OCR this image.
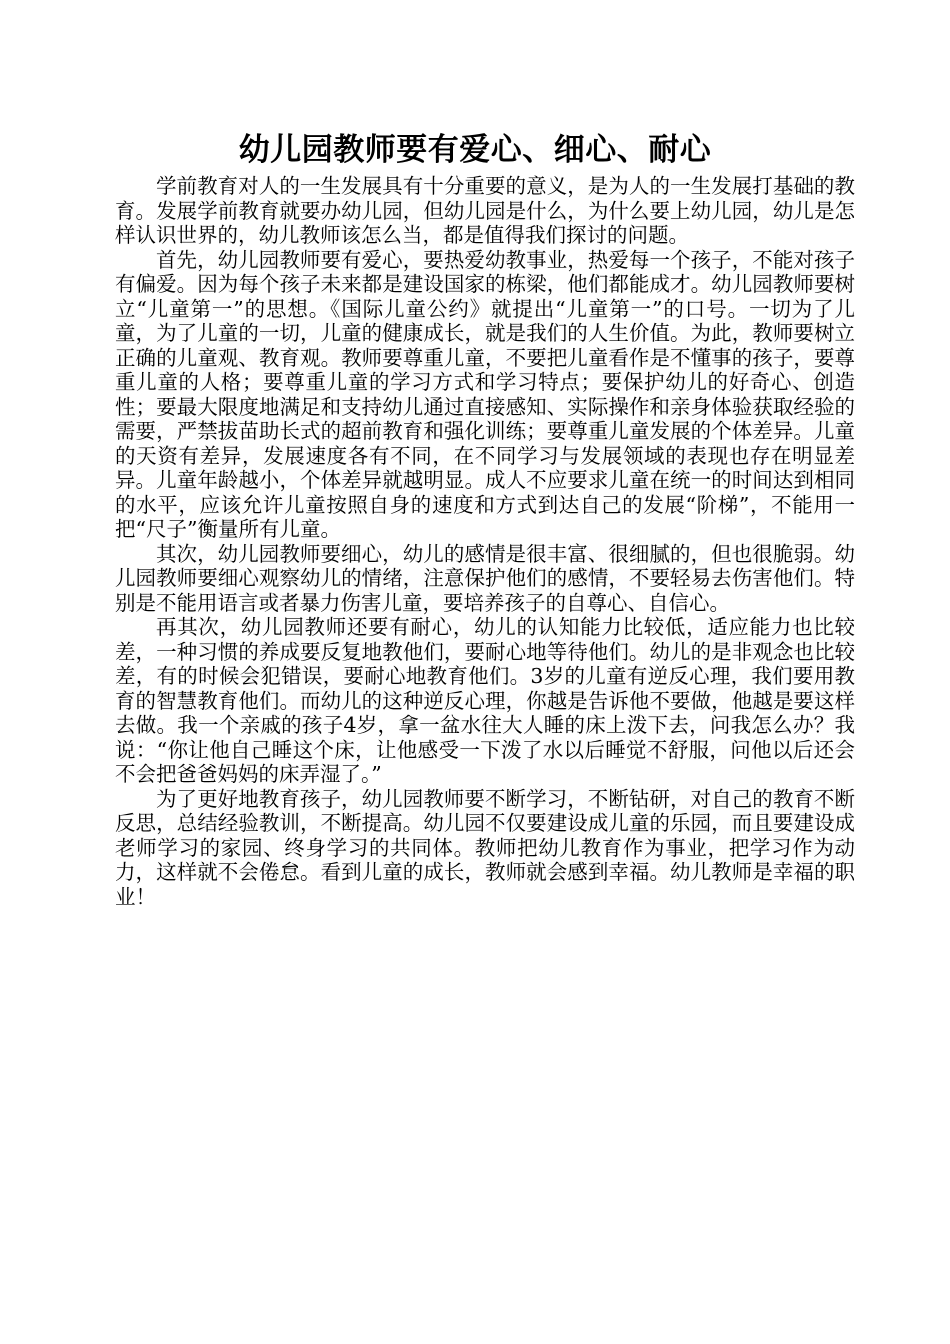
幼儿园教师要有爱心、细心、耐心

学前教育对人的一生发展具有十分重要的意义，是为人的一生发展打基础的教育。发展学前教育就要办幼儿园，但幼儿园是什么，为什么要上幼儿园，幼儿是怎样认识世界的，幼儿教师该怎么当，都是值得我们探讨的问题。

首先，幼儿园教师要有爱心，要热爱幼教事业，热爱每一个孩子，不能对孩子有偏爱。因为每个孩子未来都是建设国家的栋梁，他们都能成才。幼儿园教师要树立“儿童第一”的思想。《国际儿童公约》就提出“儿童第一”的口号。一切为了儿童，为了儿童的一切，儿童的健康成长，就是我们的人生价值。为此，教师要树立正确的儿童观、教育观。教师要尊重儿童，不要把儿童看作是不懂事的孩子，要尊重儿童的人格；要尊重儿童的学习方式和学习特点；要保护幼儿的好奇心、创造性；要最大限度地满足和支持幼儿通过直接感知、实际操作和亲身体验获取经验的需要，严禁拔苗助长式的超前教育和强化训练；要尊重儿童发展的个体差异。儿童的天资有差异，发展速度各有不同，在不同学习与发展领域的表现也存在明显差异。儿童年龄越小，个体差异就越明显。成人不应要求儿童在统一的时间达到相同的水平，应该允许儿童按照自身的速度和方式到达自己的发展“阶梯”，不能用一把“尺子”衡量所有儿童。

其次，幼儿园教师要细心，幼儿的感情是很丰富、很细腻的，但也很脆弱。幼儿园教师要细心观察幼儿的情绪，注意保护他们的感情，不要轻易去伤害他们。特别是不能用语言或者暴力伤害儿童，要培养孩子的自尊心、自信心。

再其次，幼儿园教师还要有耐心，幼儿的认知能力比较低，适应能力也比较差，一种习惯的养成要反复地教他们，要耐心地等待他们。幼儿的是非观念也比较差，有的时候会犯错误，要耐心地教育他们。3岁的儿童有逆反心理，我们要用教育的智慧教育他们。而幼儿的这种逆反心理，你越是告诉他不要做，他越是要这样去做。我一个亲戚的孩子4岁，拿一盆水往大人睡的床上泼下去，问我怎么办？我说：“你让他自己睡这个床，让他感受一下泼了水以后睡觉不舒服，问他以后还会不会把爸爸妈妈的床弄湿了。”

为了更好地教育孩子，幼儿园教师要不断学习，不断钻研，对自己的教育不断反思，总结经验教训，不断提高。幼儿园不仅要建设成儿童的乐园，而且要建设成老师学习的家园、终身学习的共同体。教师把幼儿教育作为事业，把学习作为动力，这样就不会倦怠。看到儿童的成长，教师就会感到幸福。幼儿教师是幸福的职业！
